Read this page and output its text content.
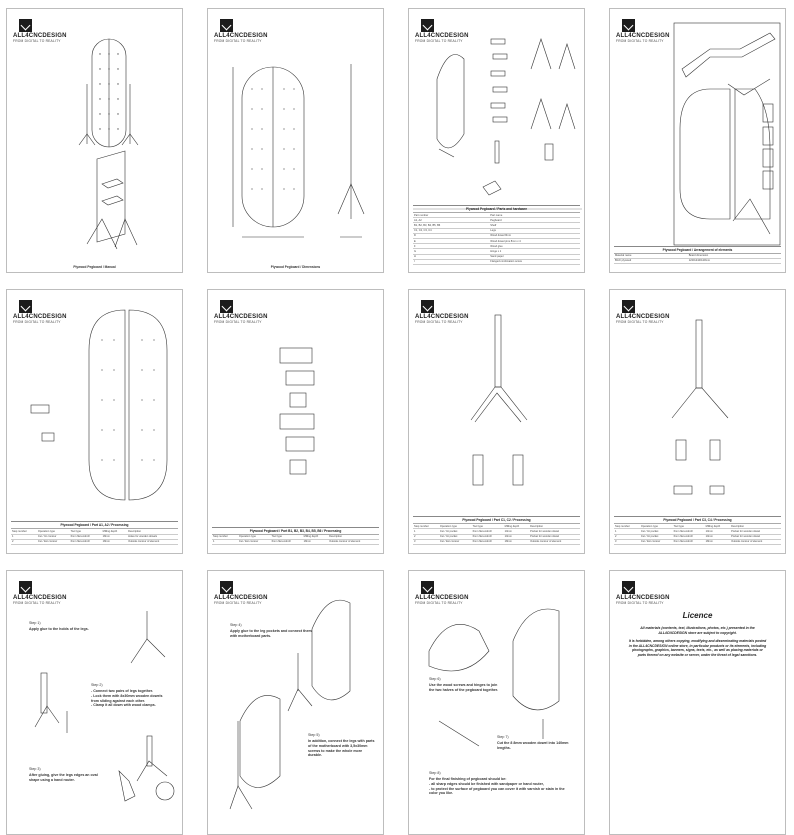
ALL4CNCDESIGN
FROM DIGITAL TO REALITY
Plywood Pegboard / Manual
ALL4CNCDESIGN
FROM DIGITAL TO REALITY
Plywood Pegboard / Dimensions
ALL4CNCDESIGN
FROM DIGITAL TO REALITY
Plywood Pegboard / Parts and hardware
Part number	Part name
A1, A2	Pegboard
B1, B2, B3, B4, B5, B6	Shelf
C1, C2, C3, C4	Legs
D	Wood dowel 8mm
E	Wood dowel pins 8mm x 4
F	Wood glue
G	Hinge x 1
H	Sand paper
I	Flanged combination screw
ALL4CNCDESIGN
FROM DIGITAL TO REALITY
Plywood Pegboard / Arrangement of elements
Material name	Board dimension
Birch plywood	1220x2440x18mm
ALL4CNCDESIGN
FROM DIGITAL TO REALITY
Plywood Pegboard / Part A1, A2 / Processing
Step number	Operation type	Tool type	Milling depth	Description
1	Cut / Int contour	6mm flat endmill	18mm	Holes for wooden dowels
2	Cut / Ext contour	6mm flat endmill	18mm	Outside contour of element
ALL4CNCDESIGN
FROM DIGITAL TO REALITY
Plywood Pegboard / Part B1, B2, B3, B4, B5, B6 / Processing
Step number	Operation type	Tool type	Milling depth	Description
1	Cut / Ext contour	6mm flat endmill	18mm	Outside contour of element
ALL4CNCDESIGN
FROM DIGITAL TO REALITY
Plywood Pegboard / Part C1, C2 / Processing
Step number	Operation type	Tool type	Milling depth	Description
1	Cut / Int pocket	6mm flat endmill	10mm	Pocket for wooden dowel
2	Cut / Int pocket	6mm flat endmill	10mm	Pocket for wooden dowel
3	Cut / Ext contour	6mm flat endmill	18mm	Outside contour of element
ALL4CNCDESIGN
FROM DIGITAL TO REALITY
Plywood Pegboard / Part C3, C4 / Processing
Step number	Operation type	Tool type	Milling depth	Description
1	Cut / Int pocket	6mm flat endmill	10mm	Pocket for wooden dowel
2	Cut / Int pocket	6mm flat endmill	10mm	Pocket for wooden dowel
3	Cut / Ext contour	6mm flat endmill	18mm	Outside contour of element
ALL4CNCDESIGN
FROM DIGITAL TO REALITY
Step 1)
Apply glue to the holds of the legs.
Step 2)
- Connect two pairs of legs together.
- Lock them with 8x30mm wooden dowels from sliding against each other.
- Clamp it all down with wood clamps.
Step 3)
After gluing, give the legs edges an oval shape using a hand router.
ALL4CNCDESIGN
FROM DIGITAL TO REALITY
Step 4)
Apply glue to the leg pockets and connect them with motherboard parts.
Step 5)
In addition, connect the legs with parts of the motherboard with 3,5x30mm screws to make the whole more durable.
ALL4CNCDESIGN
FROM DIGITAL TO REALITY
Step 6)
Use the wood screws and hinges to join the two halves of the pegboard together.
Step 7)
Cut the 8 8mm wooden dowel into 140mm lengths.
Step 8)
For the final finishing of pegboard should be:
- all sharp edges should be finished with sandpaper or hand router,
- to protect the surface of pegboard you can cover it with varnish or stain in the color you like.
ALL4CNCDESIGN
FROM DIGITAL TO REALITY
Licence
All materials (contents, text, illustrations, photos, etc.) presented in the ALL4CNCDESIGN store are subject to copyright.
It is forbidden, among others copying, modifying and disseminating materials posted in the ALL4CNCDESIGN online store, in particular products or its elements, including photographs, graphics, banners, signs, texts, etc., as well as placing materials or parts thereof on any website or server, under the threat of legal sanctions.
